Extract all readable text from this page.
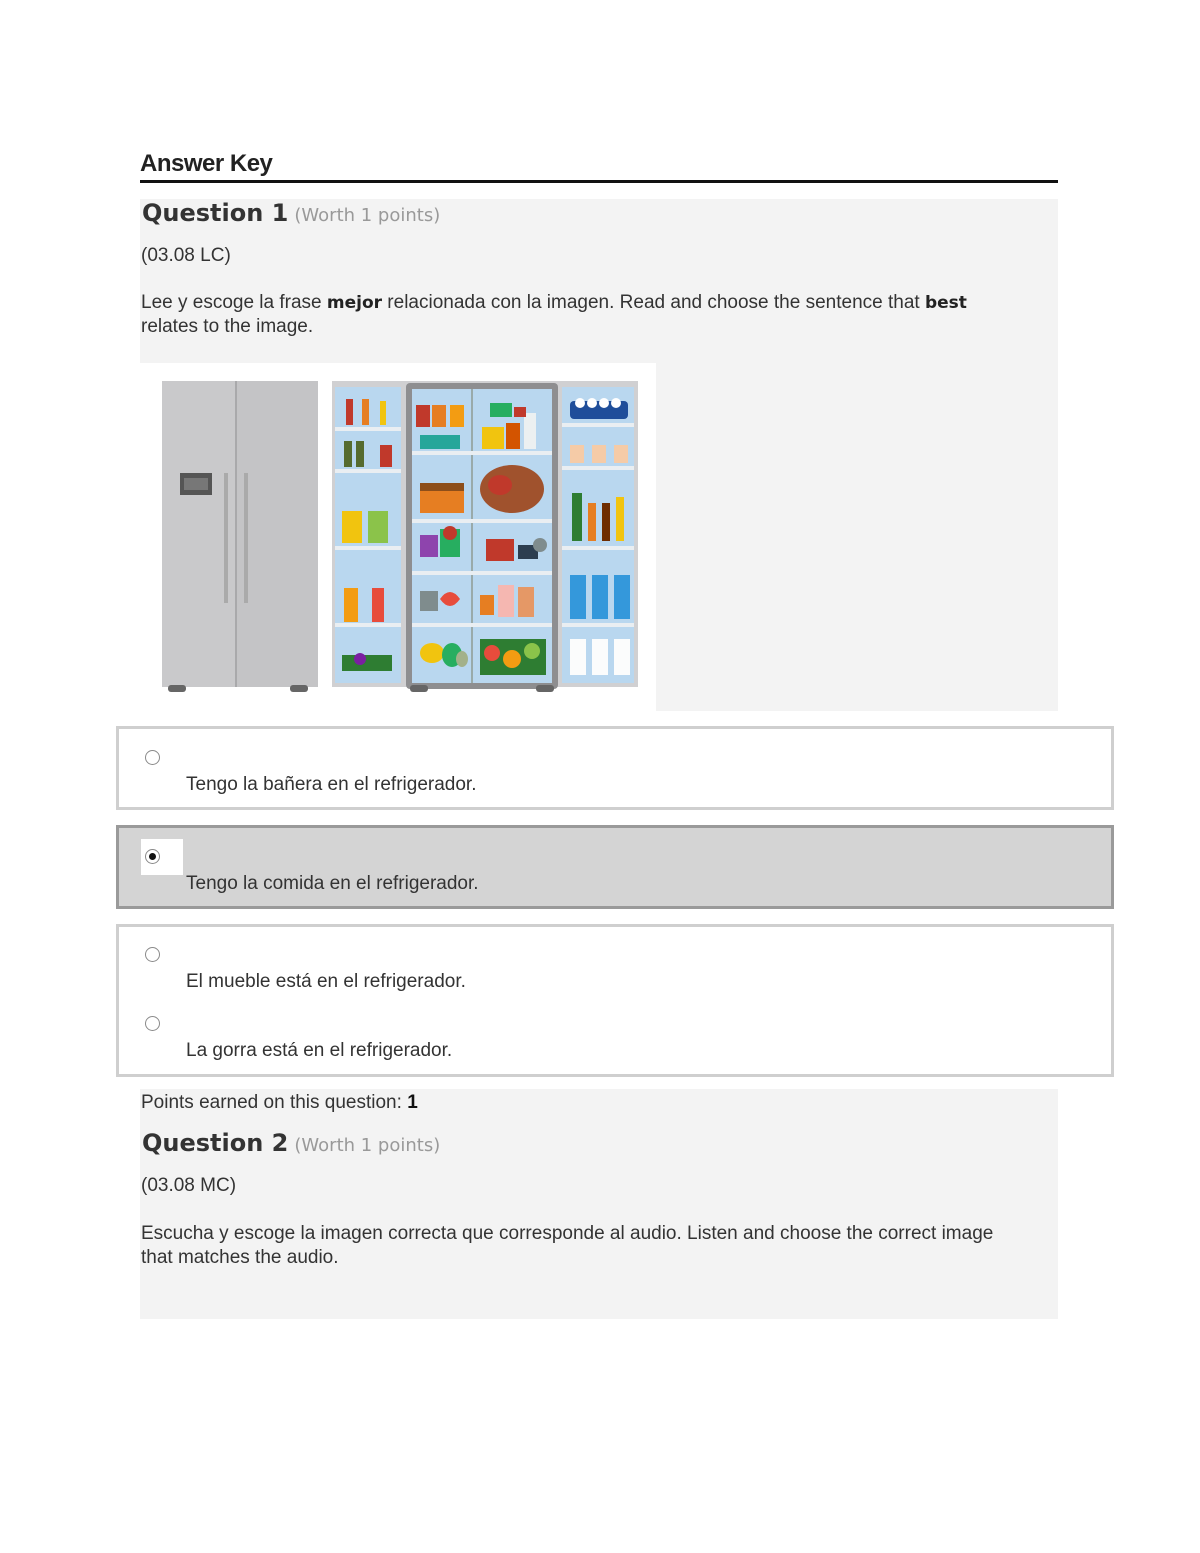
Answer Key
Question 1 (Worth 1 points)
(03.08 LC)
Lee y escoge la frase mejor relacionada con la imagen. Read and choose the sentence that best relates to the image.
Tengo la bañera en el refrigerador.
Tengo la comida en el refrigerador.
El mueble está en el refrigerador.
La gorra está en el refrigerador.
Question 2 (Worth 1 points)
(03.08 MC)
Escucha y escoge la imagen correcta que corresponde al audio. Listen and choose the correct image that matches the audio.
Points earned on this question: 1
